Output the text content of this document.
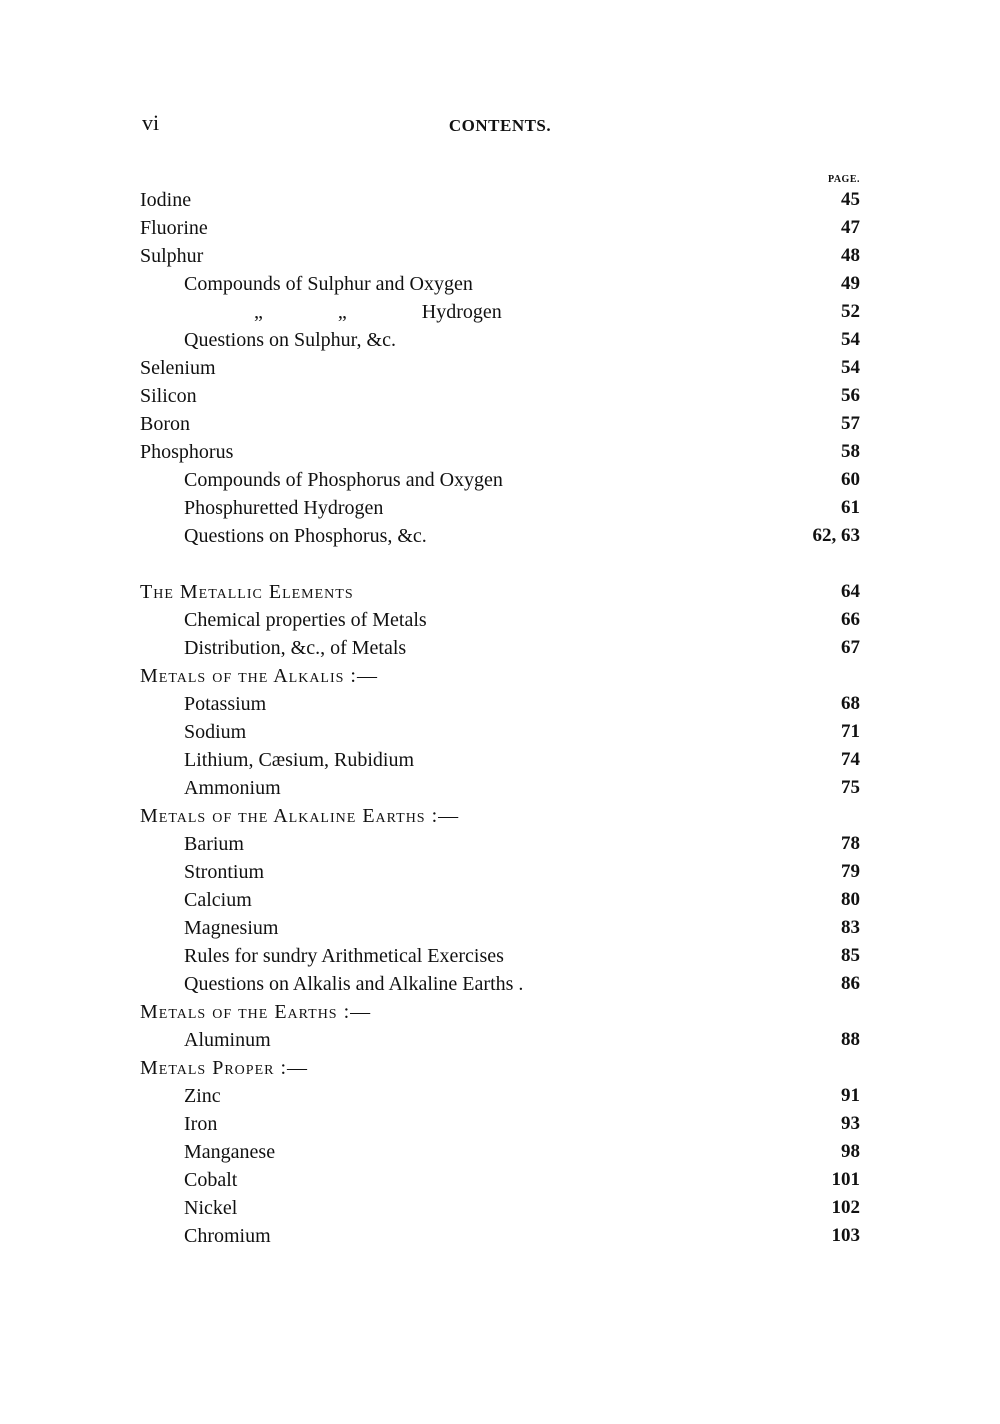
vi	CONTENTS.
PAGE.
Iodine	45
Fluorine	47
Sulphur	48
Compounds of Sulphur and Oxygen	49
„ „ Hydrogen	52
Questions on Sulphur, &c.	54
Selenium	54
Silicon	56
Boron	57
Phosphorus	58
Compounds of Phosphorus and Oxygen	60
Phosphuretted Hydrogen	61
Questions on Phosphorus, &c.	62, 63
The Metallic Elements	64
Chemical properties of Metals	66
Distribution, &c., of Metals	67
Metals of the Alkalis :—
Potassium	68
Sodium	71
Lithium, Cæsium, Rubidium	74
Ammonium	75
Metals of the Alkaline Earths :—
Barium	78
Strontium	79
Calcium	80
Magnesium	83
Rules for sundry Arithmetical Exercises	85
Questions on Alkalis and Alkaline Earths .	86
Metals of the Earths :—
Aluminum	88
Metals Proper :—
Zinc	91
Iron	93
Manganese	98
Cobalt	101
Nickel	102
Chromium	103
